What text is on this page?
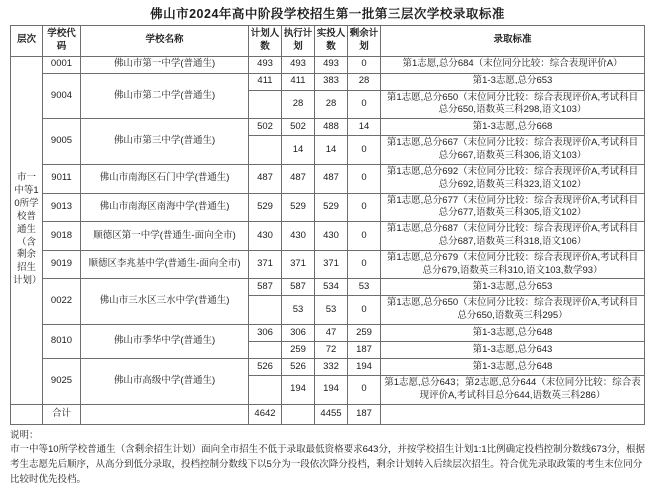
佛山市2024年高中阶段学校招生第一批第三层次学校录取标准
层次	学校代码	学校名称	计划人数	执行计划	实投人数	剩余计划	录取标准
市一中等10所学校普通生（含剩余招生计划）	0001	佛山市第一中学(普通生)	493	493	493	0	第1志愿,总分684（末位同分比较：综合表现评价A）
	9004	佛山市第二中学(普通生)	411	411	383	28	第1-3志愿,总分653
				28	28	0	第1志愿,总分650（末位同分比较：综合表现评价A,考试科目总分650,语数英三科298,语文103）
	9005	佛山市第三中学(普通生)	502	502	488	14	第1-3志愿,总分668
				14	14	0	第1志愿,总分667（末位同分比较：综合表现评价A,考试科目总分667,语数英三科306,语文103）
	9011	佛山市南海区石门中学(普通生)	487	487	487	0	第1志愿,总分692（末位同分比较：综合表现评价A,考试科目总分692,语数英三科323,语文102）
	9013	佛山市南海区南海中学(普通生)	529	529	529	0	第1志愿,总分677（末位同分比较：综合表现评价A,考试科目总分677,语数英三科305,语文102）
	9018	顺德区第一中学(普通生-面向全市)	430	430	430	0	第1志愿,总分687（末位同分比较：综合表现评价A,考试科目总分687,语数英三科318,语文106）
	9019	顺德区李兆基中学(普通生-面向全市)	371	371	371	0	第1志愿,总分679（末位同分比较：综合表现评价A,考试科目总分679,语数英三科310,语文103,数学93）
	0022	佛山市三水区三水中学(普通生)	587	587	534	53	第1-3志愿,总分653
				53	53	0	第1志愿,总分650（末位同分比较：综合表现评价A,考试科目总分650,语数英三科295）
	8010	佛山市季华中学(普通生)	306	306	47	259	第1-3志愿,总分648
				259	72	187	第1-3志愿,总分643
	9025	佛山市高级中学(普通生)	526	526	332	194	第1-3志愿,总分648
				194	194	0	第1志愿,总分643；第2志愿,总分644（末位同分比较：综合表现评价A,考试科目总分644,语数英三科286）
	合计		4642		4455	187	
说明：
市一中等10所学校普通生（含剩余招生计划）面向全市招生不低于录取最低资格要求643分，并按学校招生计划1:1比例确定投档控制分数线673分，根据考生志愿先后顺序，从高分到低分录取，投档控制分数线下以5分为一段依次降分投档，剩余计划转入后续层次招生。符合优先录取政策的考生末位同分比较时优先投档。
